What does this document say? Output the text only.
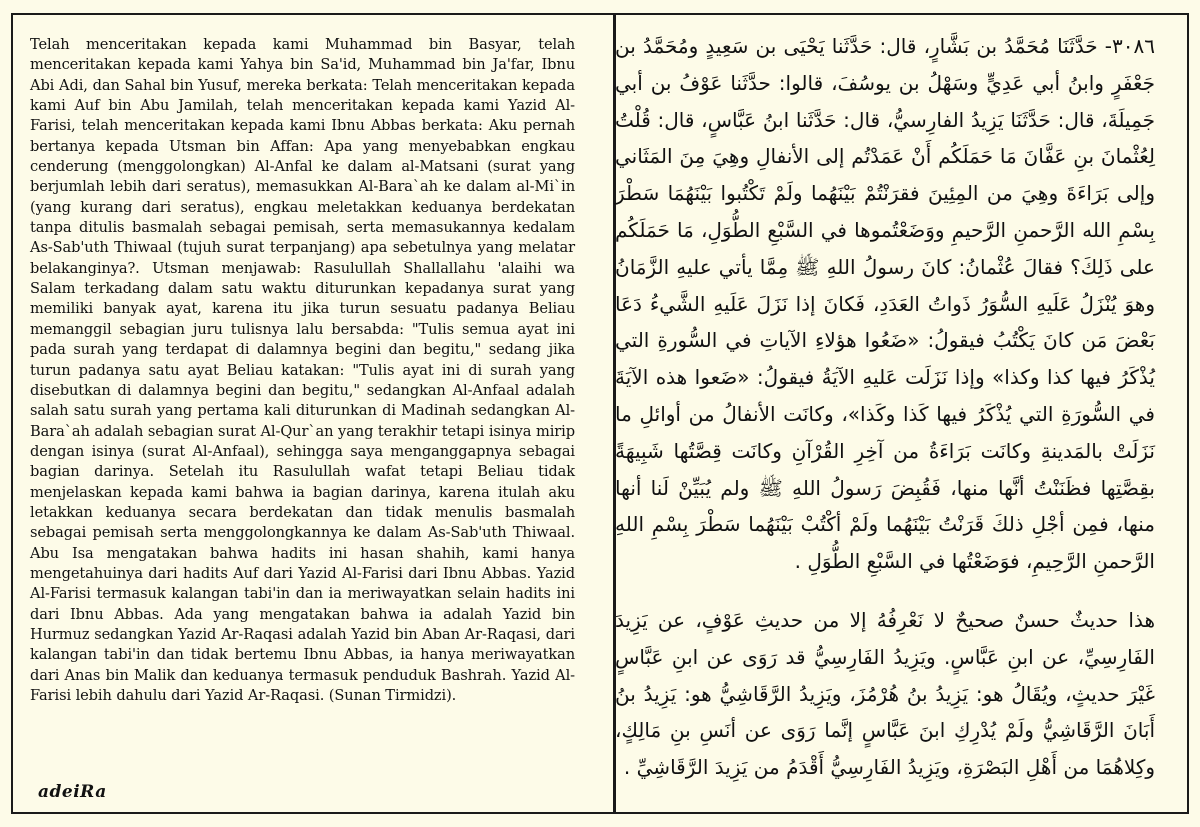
Telah menceritakan kepada kami Muhammad bin Basyar, telah menceritakan kepada kami Yahya bin Sa'id, Muhammad bin Ja'far, Ibnu Abi Adi, dan Sahal bin Yusuf, mereka berkata: Telah menceritakan kepada kami Auf bin Abu Jamilah, telah menceritakan kepada kami Yazid Al-Farisi, telah menceritakan kepada kami Ibnu Abbas berkata: Aku pernah bertanya kepada Utsman bin Affan: Apa yang menyebabkan engkau cenderung (menggolongkan) Al-Anfal ke dalam al-Matsani (surat yang berjumlah lebih dari seratus), memasukkan Al-Bara`ah ke dalam al-Mi`in (yang kurang dari seratus), engkau meletakkan keduanya berdekatan tanpa ditulis basmalah sebagai pemisah, serta memasukannya kedalam As-Sab'uth Thiwaal (tujuh surat terpanjang) apa sebetulnya yang melatar belakanginya?. Utsman menjawab: Rasulullah Shallallahu 'alaihi wa Salam terkadang dalam satu waktu diturunkan kepadanya surat yang memiliki banyak ayat, karena itu jika turun sesuatu padanya Beliau memanggil sebagian juru tulisnya lalu bersabda: "Tulis semua ayat ini pada surah yang terdapat di dalamnya begini dan begitu," sedang jika turun padanya satu ayat Beliau katakan: "Tulis ayat ini di surah yang disebutkan di dalamnya begini dan begitu," sedangkan Al-Anfaal adalah salah satu surah yang pertama kali diturunkan di Madinah sedangkan Al-Bara`ah adalah sebagian surat Al-Qur`an yang terakhir tetapi isinya mirip dengan isinya (surat Al-Anfaal), sehingga saya menganggapnya sebagai bagian darinya. Setelah itu Rasulullah wafat tetapi Beliau tidak menjelaskan kepada kami bahwa ia bagian darinya, karena itulah aku letakkan keduanya secara berdekatan dan tidak menulis basmalah sebagai pemisah serta menggolongkannya ke dalam As-Sab'uth Thiwaal. Abu Isa mengatakan bahwa hadits ini hasan shahih, kami hanya mengetahuinya dari hadits Auf dari Yazid Al-Farisi dari Ibnu Abbas. Yazid Al-Farisi termasuk kalangan tabi'in dan ia meriwayatkan selain hadits ini dari Ibnu Abbas. Ada yang mengatakan bahwa ia adalah Yazid bin Hurmuz sedangkan Yazid Ar-Raqasi adalah Yazid bin Aban Ar-Raqasi, dari kalangan tabi'in dan tidak bertemu Ibnu Abbas, ia hanya meriwayatkan dari Anas bin Malik dan keduanya termasuk penduduk Bashrah. Yazid Al-Farisi lebih dahulu dari Yazid Ar-Raqasi. (Sunan Tirmidzi).

٣٠٨٦- حَدَّثَنَا مُحَمَّدُ بن بَشَّارٍ، قال: حَدَّثَنا يَحْيَى بن سَعِيدٍ ومُحَمَّدُ بن جَعْفَرٍ وابنُ أبي عَدِيٍّ وسَهْلُ بن يوسُفَ، قالوا: حدَّثَنا عَوْفُ بن أبي جَمِيلَةَ، قال: حَدَّثَنَا يَزِيدُ الفارِسيُّ، قال: حَدَّثَنا ابنُ عَبَّاسٍ، قال: قُلْتُ لِعُثْمانَ بنِ عَفَّانَ مَا حَمَلَكُم أَنْ عَمَدْتُم إلى الأنفالِ وهِيَ مِنَ المَثَاني وإلى بَرَاءَةَ وهِيَ من المِئِينَ فقرَنْتُمْ بَيْنَهُما ولَمْ تَكْتُبوا بَيْنَهُمَا سَطْرَ بِسْمِ الله الرَّحمنِ الرَّحيمِ ووَضَعْتُموها في السَّبْعِ الطُّوَلِ، مَا حَمَلَكُم على ذَلِكَ؟ فقالَ عُثْمانُ: كانَ رسولُ اللهِ ﷺ مِمَّا يأتي عليهِ الزَّمَانُ وهوَ يُنْزَلُ عَلَيهِ السُّوَرُ ذَواتُ العَدَدِ، فَكانَ إذا نَزَلَ عَلَيهِ الشَّيءُ دَعَا بَعْضَ مَن كانَ يَكْتُبُ فيقولُ: «ضَعُوا هؤلاءِ الآياتِ في السُّورةِ التي يُذْكَرُ فيها كذا وكذا» وإذا نَزَلَت عَليهِ الآيَةُ فيقولُ: «ضَعوا هذه الآيَةَ في السُّورَةِ التي يُذْكَرُ فيها كَذا وكَذا»، وكانَت الأنفالُ من أوائلِ ما نَزَلَتْ بالمَدينةِ وكانَت بَرَاءَةُ من آخِرِ القُرْآنِ وكانَت قِصَّتُها شَبِيهَةً بقِصَّتِها فظَنَنْتُ أنَّها منها، فَقُبِضَ رَسولُ اللهِ ﷺ ولم يُبَيِّنْ لَنا أنها منها، فمِن أجْلِ ذلكَ قَرَنْتُ بَيْنَهُما ولَمْ أكْتُبْ بَيْنَهُما سَطْرَ بِسْمِ اللهِ الرَّحمنِ الرَّحِيمِ، فوَضَعْتُها في السَّبْعِ الطُّوَلِ .

هذا حديثٌ حسنٌ صحيحٌ لا نَعْرِفُهُ إلا من حديثِ عَوْفٍ، عن يَزِيدَ الفَارِسِيِّ، عن ابنِ عَبَّاسٍ. ويَزِيدُ الفَارِسِيُّ قد رَوَى عن ابنِ عَبَّاسٍ غَيْرَ حديثٍ، ويُقَالُ هو: يَزِيدُ بنُ هُرْمُزَ، ويَزِيدُ الرَّقَاشِيُّ هو: يَزِيدُ بنُ أَبَانَ الرَّقَاشِيُّ ولَمْ يُدْرِكِ ابنَ عَبَّاسٍ إنَّما رَوَى عن أنَسِ بنِ مَالِكٍ، وكِلاهُمَا من أَهْلِ البَصْرَةِ، ويَزِيدُ الفَارِسِيُّ أَقْدَمُ من يَزِيدَ الرَّقَاشِيِّ .

adeiRa
